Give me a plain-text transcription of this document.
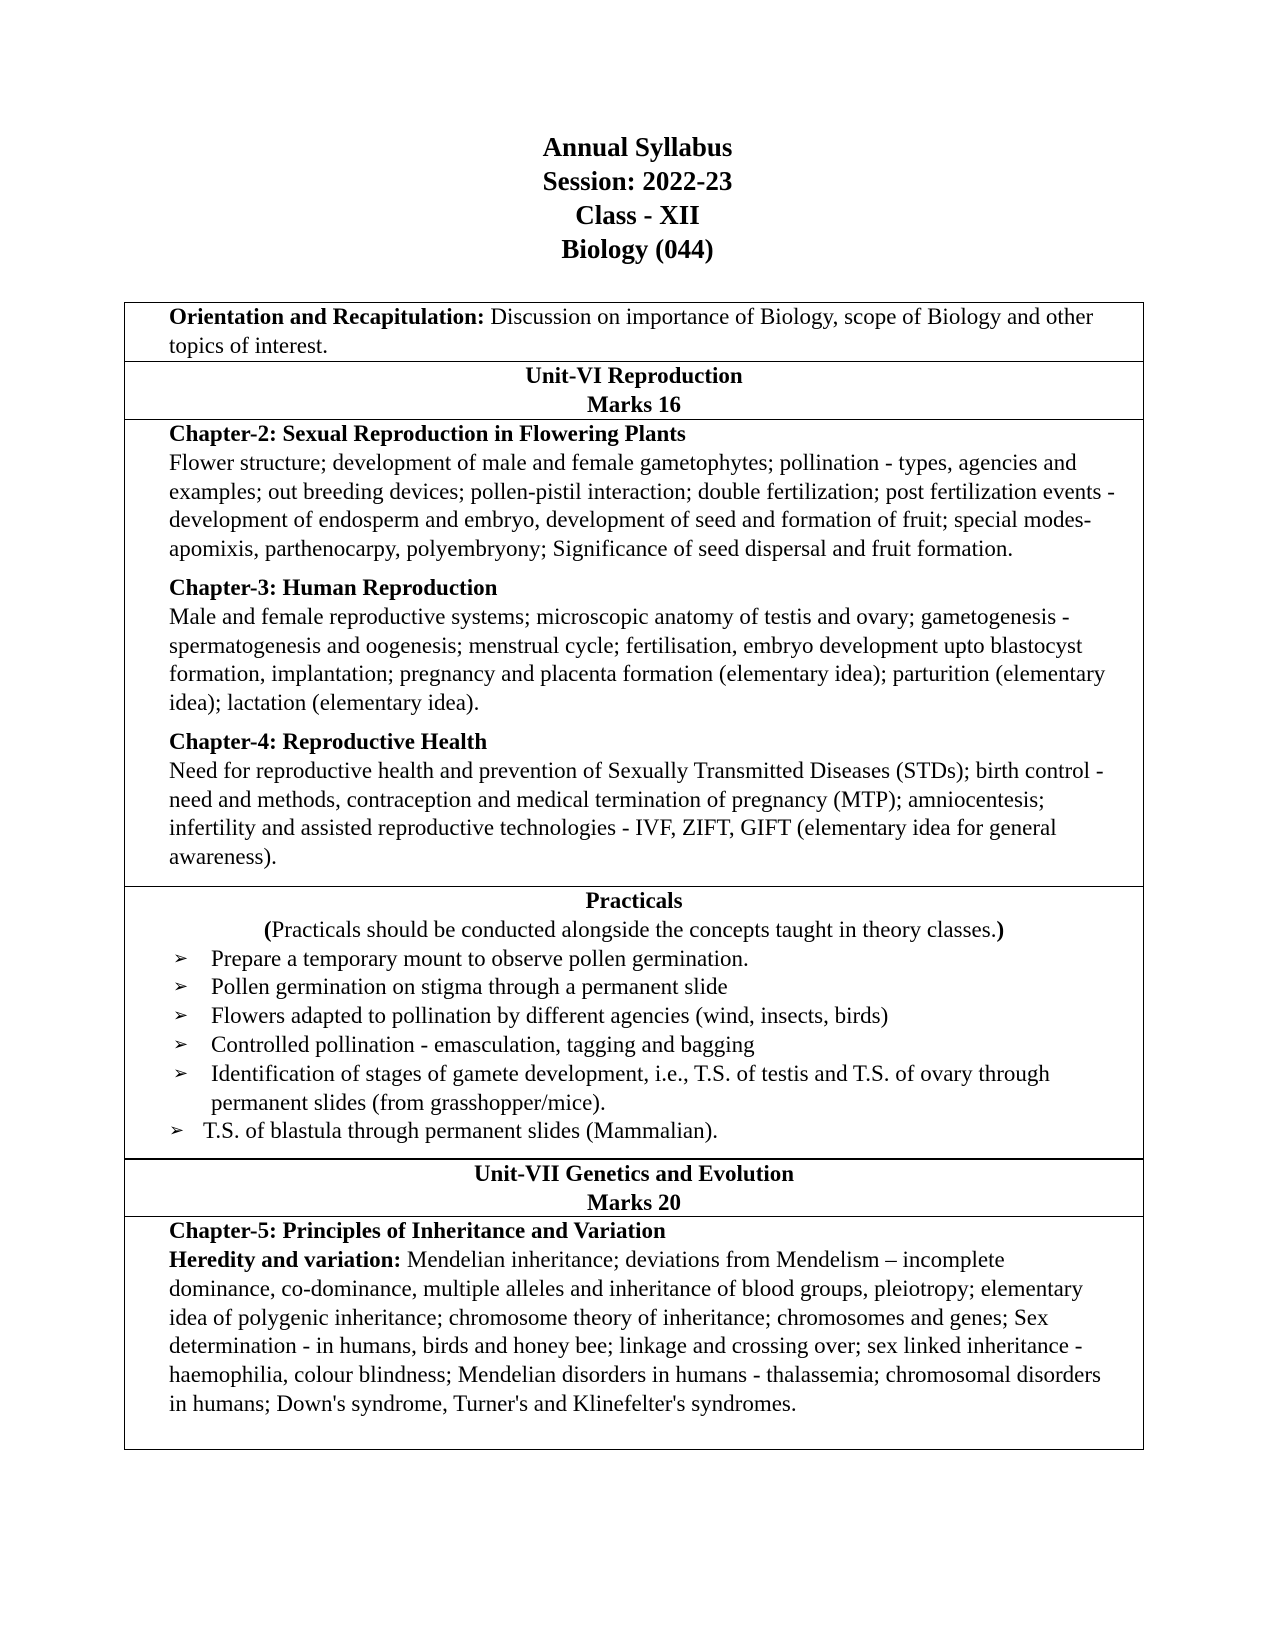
Annual Syllabus
Session: 2022-23
Class - XII
Biology (044)
Orientation and Recapitulation: Discussion on importance of Biology, scope of Biology and other topics of interest.
Unit-VI Reproduction
Marks 16
Chapter-2: Sexual Reproduction in Flowering Plants
Flower structure; development of male and female gametophytes; pollination - types, agencies and examples; out breeding devices; pollen-pistil interaction; double fertilization; post fertilization events - development of endosperm and embryo, development of seed and formation of fruit; special modes- apomixis, parthenocarpy, polyembryony; Significance of seed dispersal and fruit formation.
Chapter-3: Human Reproduction
Male and female reproductive systems; microscopic anatomy of testis and ovary; gametogenesis -spermatogenesis and oogenesis; menstrual cycle; fertilisation, embryo development upto blastocyst formation, implantation; pregnancy and placenta formation (elementary idea); parturition (elementary idea); lactation (elementary idea).
Chapter-4: Reproductive Health
Need for reproductive health and prevention of Sexually Transmitted Diseases (STDs); birth control - need and methods, contraception and medical termination of pregnancy (MTP); amniocentesis; infertility and assisted reproductive technologies - IVF, ZIFT, GIFT (elementary idea for general awareness).
Practicals
(Practicals should be conducted alongside the concepts taught in theory classes.)
➢ Prepare a temporary mount to observe pollen germination.
➢ Pollen germination on stigma through a permanent slide
➢ Flowers adapted to pollination by different agencies (wind, insects, birds)
➢ Controlled pollination - emasculation, tagging and bagging
➢ Identification of stages of gamete development, i.e., T.S. of testis and T.S. of ovary through permanent slides (from grasshopper/mice).
➢ T.S. of blastula through permanent slides (Mammalian).
Unit-VII Genetics and Evolution
Marks 20
Chapter-5: Principles of Inheritance and Variation
Heredity and variation: Mendelian inheritance; deviations from Mendelism – incomplete dominance, co-dominance, multiple alleles and inheritance of blood groups, pleiotropy; elementary idea of polygenic inheritance; chromosome theory of inheritance; chromosomes and genes; Sex determination - in humans, birds and honey bee; linkage and crossing over; sex linked inheritance - haemophilia, colour blindness; Mendelian disorders in humans - thalassemia; chromosomal disorders in humans; Down's syndrome, Turner's and Klinefelter's syndromes.
